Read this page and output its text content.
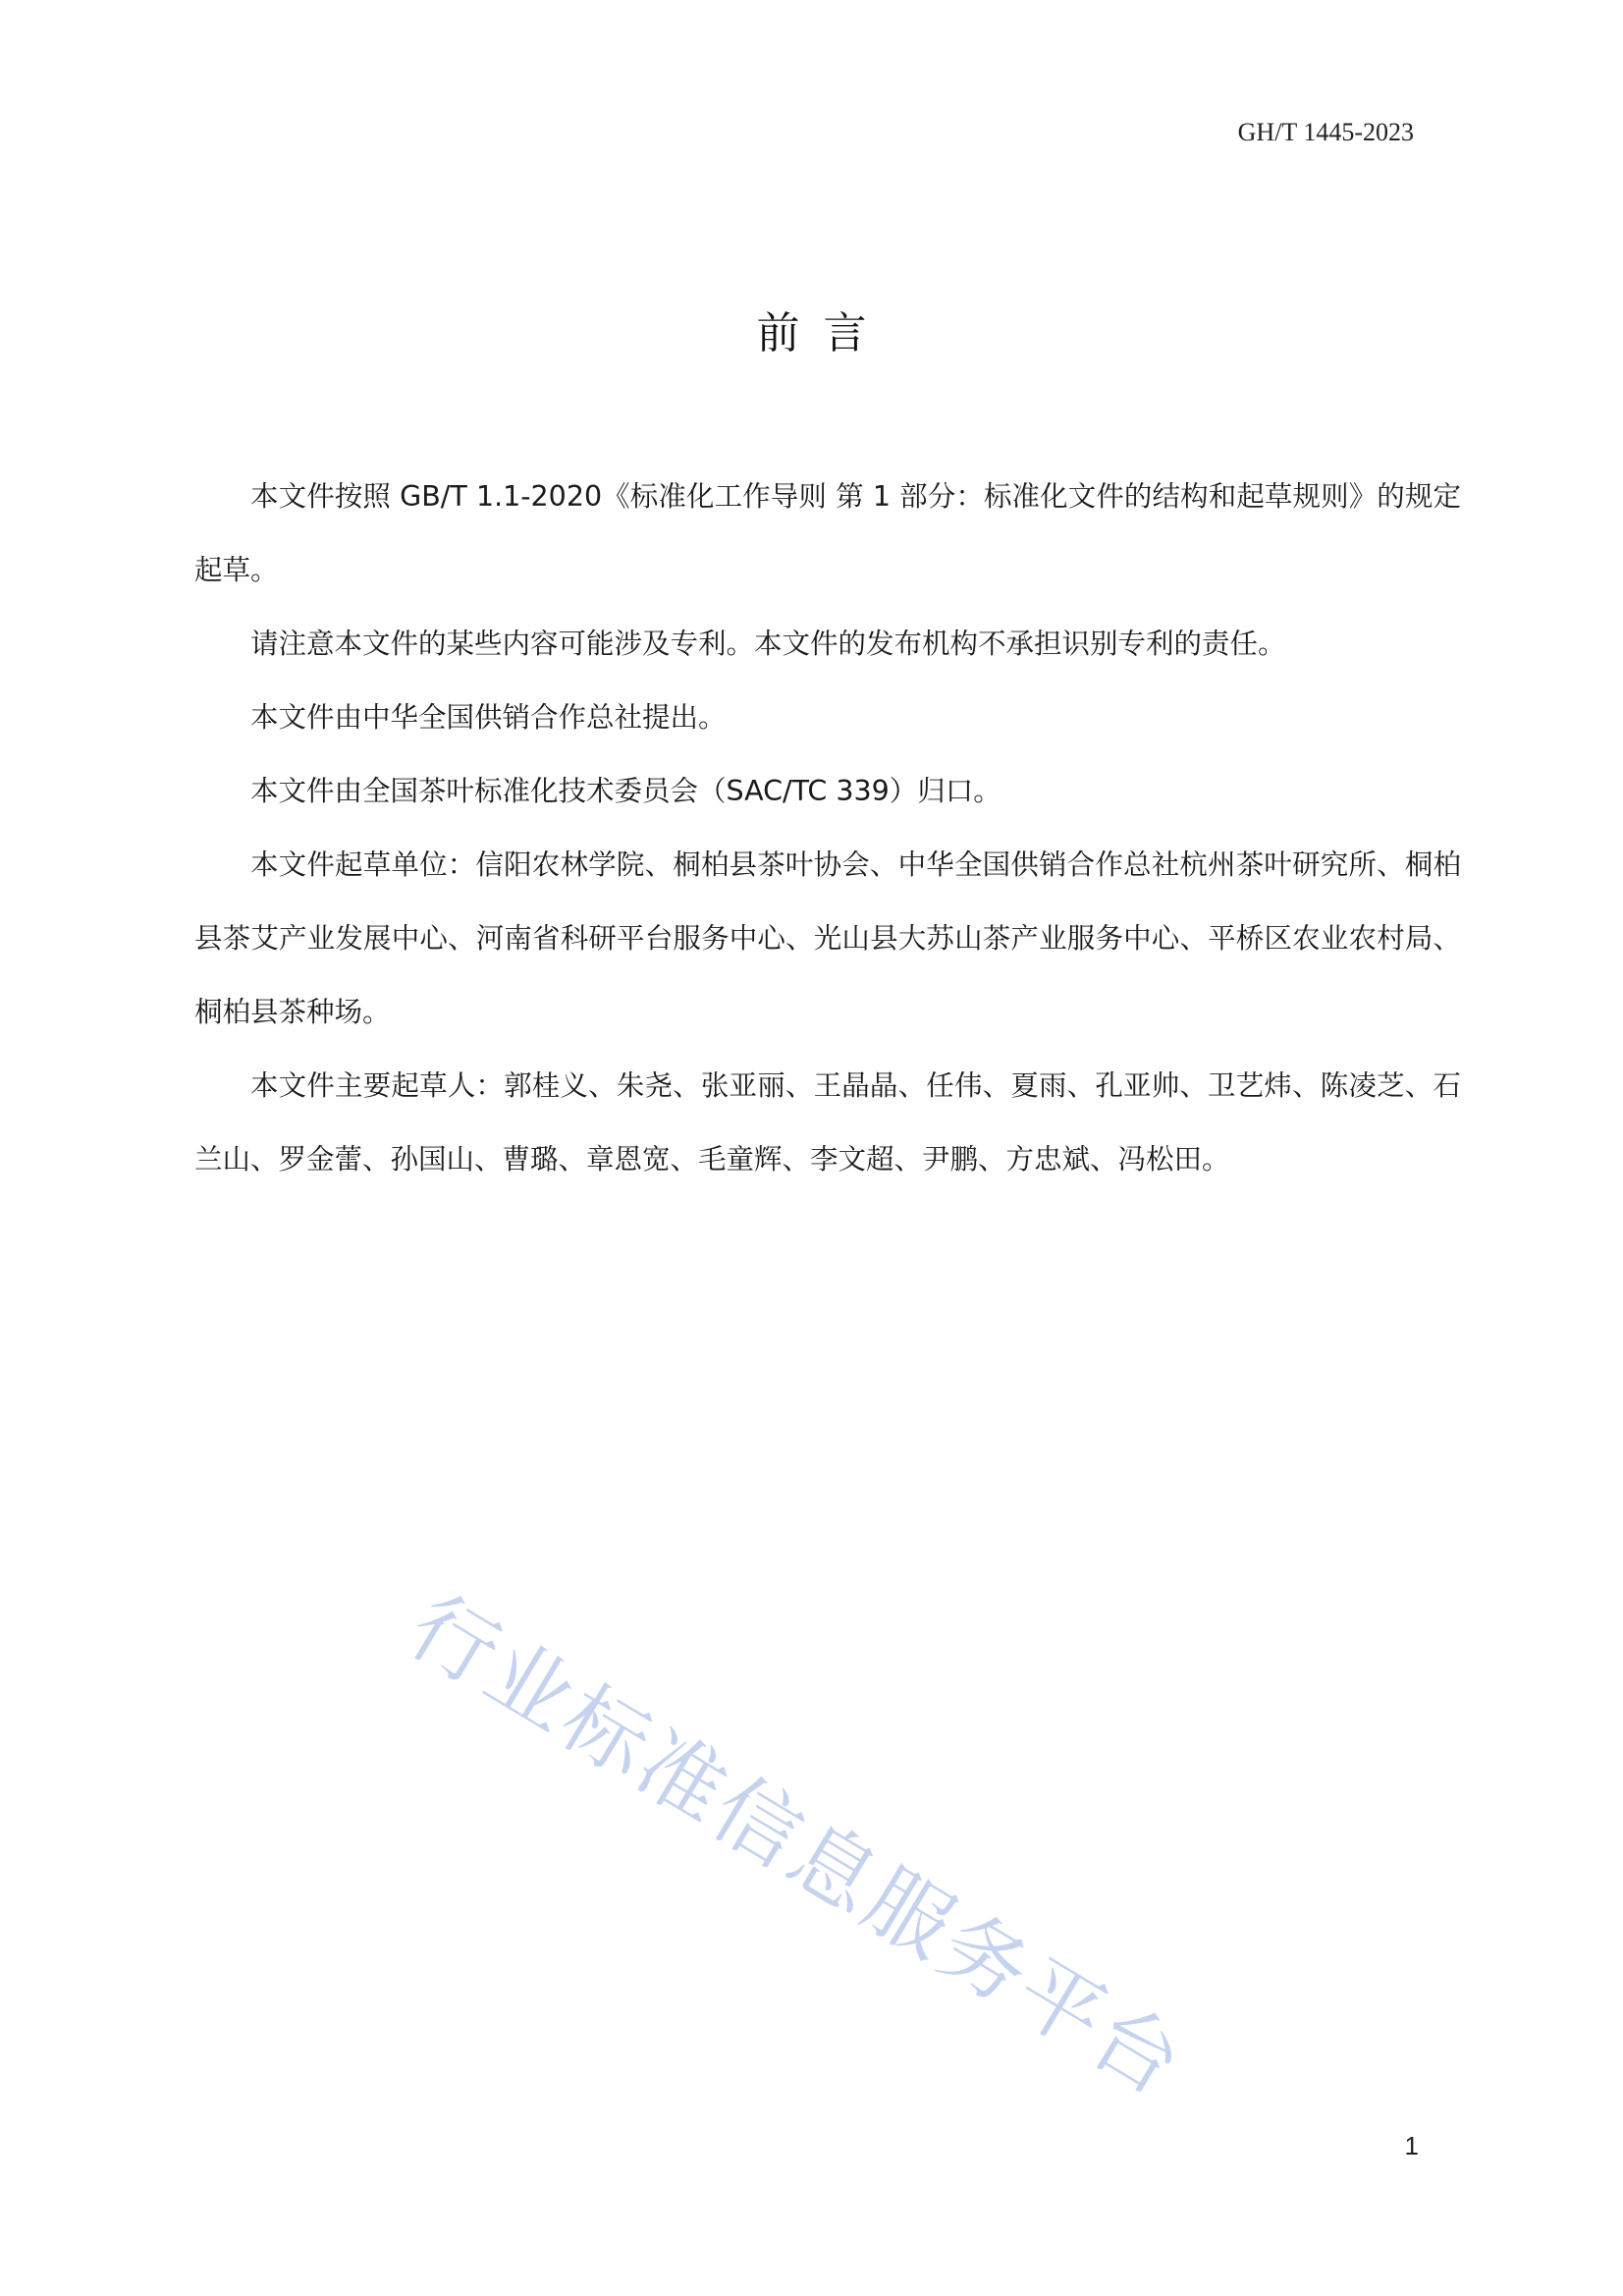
GH/T 1445-2023
前言

本文件按照 GB/T 1.1-2020《标准化工作导则 第 1 部分：标准化文件的结构和起草规则》的规定起草。

请注意本文件的某些内容可能涉及专利。本文件的发布机构不承担识别专利的责任。

本文件由中华全国供销合作总社提出。

本文件由全国茶叶标准化技术委员会（SAC/TC 339）归口。

本文件起草单位：信阳农林学院、桐柏县茶叶协会、中华全国供销合作总社杭州茶叶研究所、桐柏县茶艾产业发展中心、河南省科研平台服务中心、光山县大苏山茶产业服务中心、平桥区农业农村局、桐柏县茶种场。

本文件主要起草人：郭桂义、朱尧、张亚丽、王晶晶、任伟、夏雨、孔亚帅、卫艺炜、陈凌芝、石兰山、罗金蕾、孙国山、曹璐、章恩宽、毛童辉、李文超、尹鹏、方忠斌、冯松田。

行业标准信息服务平台
1
